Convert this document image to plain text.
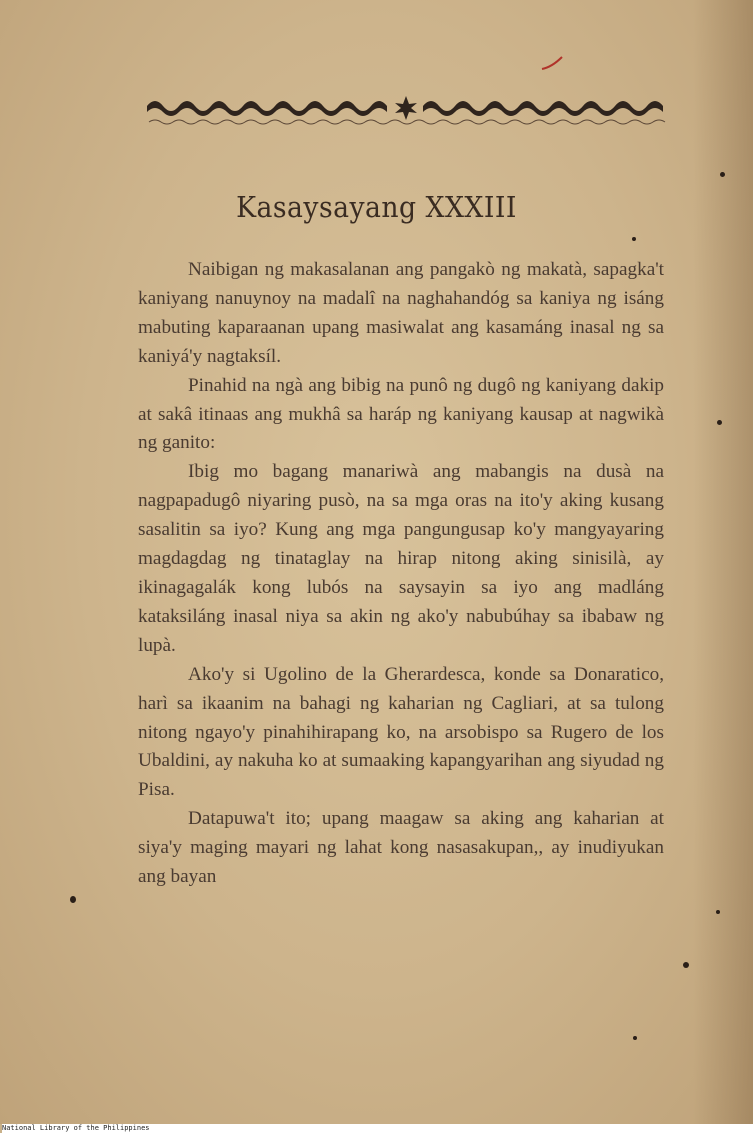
Kasaysayang XXXIII

Naibigan ng makasalanan ang pangakò ng makatà, sapagka't kaniyang nanuynoy na madalî na naghahandóg sa kaniya ng isáng mabuting kaparaanan upang masiwalat ang kasamáng inasal ng sa kaniyá'y nagtaksíl.

Pinahid na ngà ang bibig na punô ng dugô ng kaniyang dakip at sakâ itinaas ang mukhâ sa haráp ng kaniyang kausap at nagwikà ng ganito:

Ibig mo bagang manariwà ang mabangis na dusà na nagpapadugô niyaring pusò, na sa mga oras na ito'y aking kusang sasalitin sa iyo? Kung ang mga pangungusap ko'y mangyayaring magdagdag ng tinataglay na hirap nitong aking sinisilà, ay ikinagagalák kong lubós na saysayin sa iyo ang madláng kataksiláng inasal niya sa akin ng ako'y nabubúhay sa ibabaw ng lupà.

Ako'y si Ugolino de la Gherardesca, konde sa Donaratico, harì sa ikaanim na bahagi ng kaharian ng Cagliari, at sa tulong nitong ngayo'y pinahihirapang ko, na arsobispo sa Rugero de los Ubaldini, ay nakuha ko at sumaaking kapangyarihan ang siyudad ng Pisa.

Datapuwa't ito; upang maagaw sa aking ang kaharian at siya'y maging mayari ng lahat kong nasasakupan,, ay inudiyukan ang bayan

National Library of the Philippines
